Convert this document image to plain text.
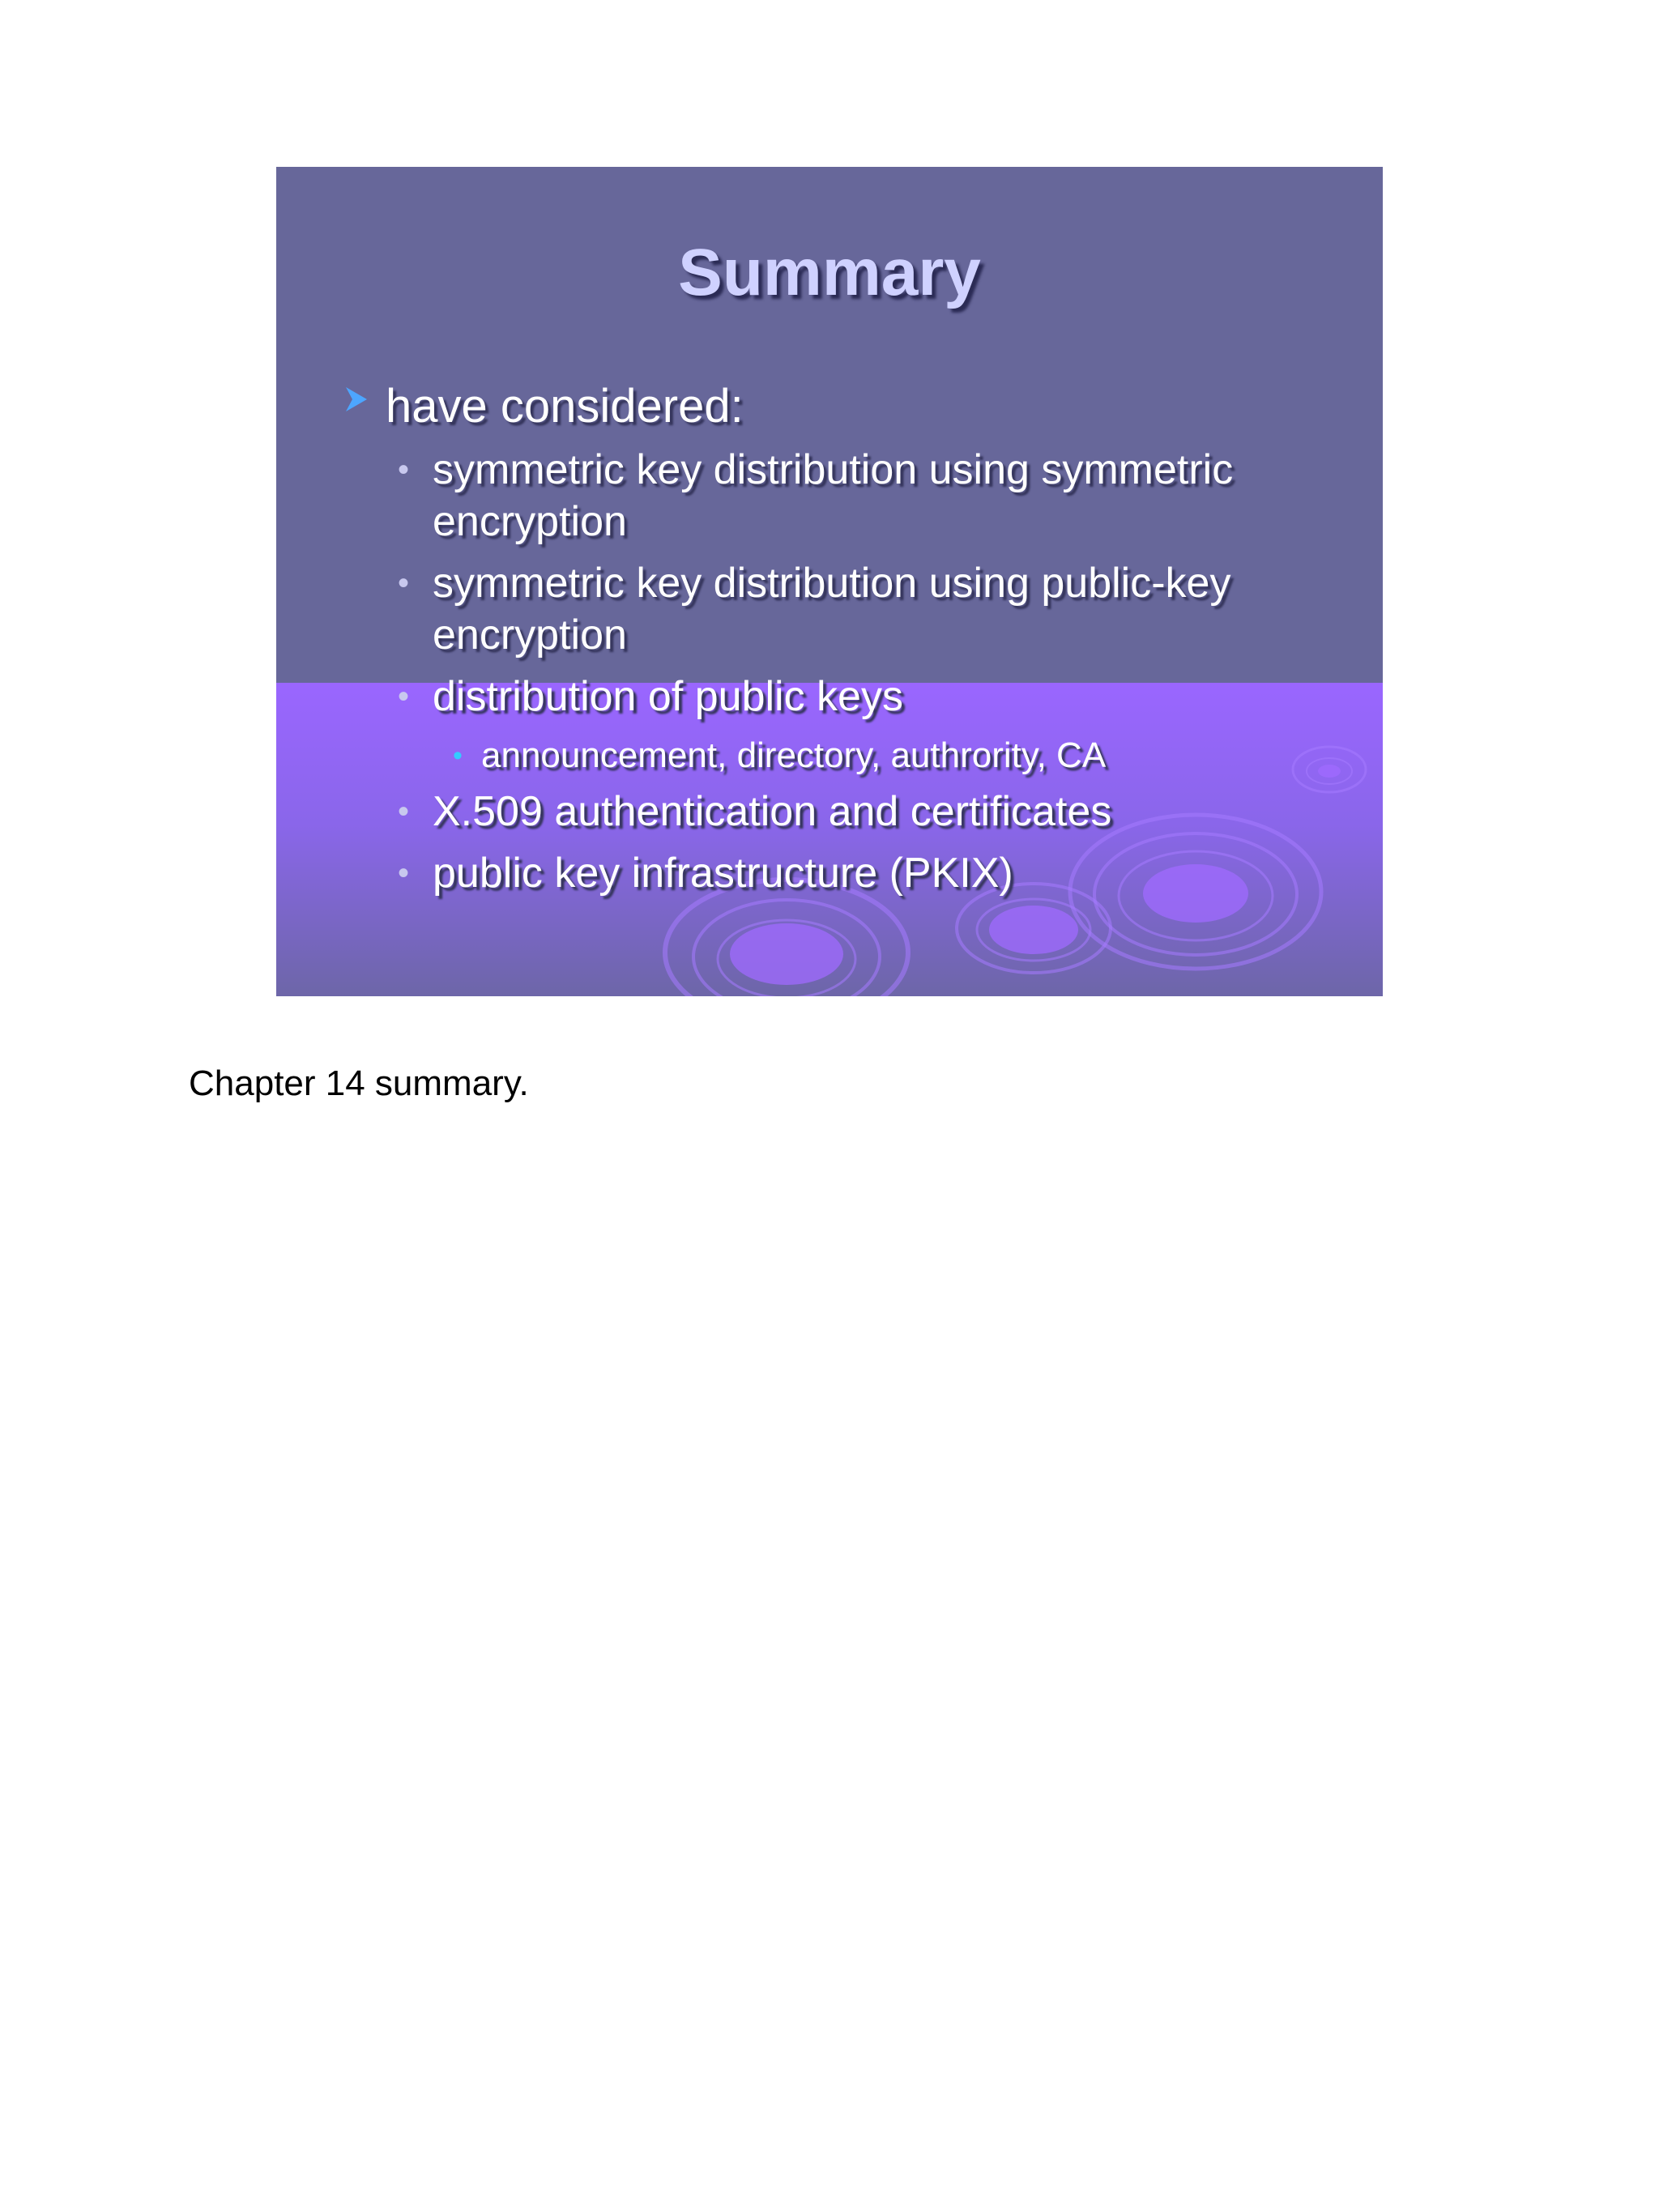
Summary
have considered:
• symmetric key distribution using symmetric
encryption
• symmetric key distribution using public-key
encryption
• distribution of public keys
• announcement, directory, authrority, CA
• X.509 authentication and certificates
• public key infrastructure (PKIX)

Chapter 14 summary.
